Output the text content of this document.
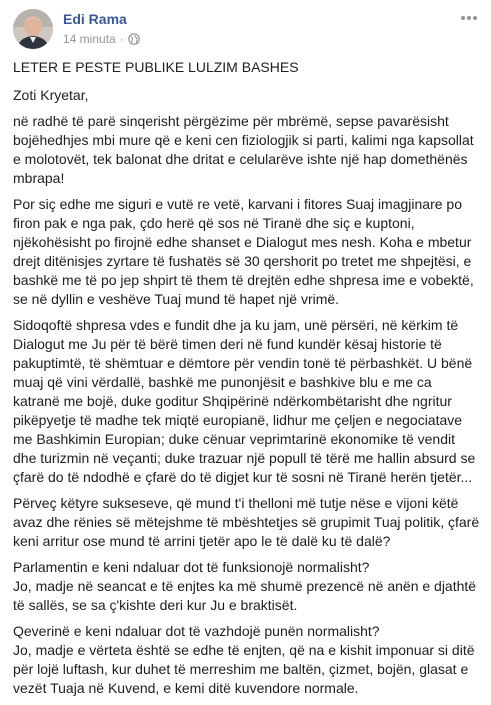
Edi Rama
14 minuta ·

LETER E PESTE PUBLIKE LULZIM BASHES

Zoti Kryetar,

në radhë të parë sinqerisht përgëzime për mbrëmë, sepse pavarësisht bojëhedhjes mbi mure që e keni cen fiziologjik si parti, kalimi nga kapsollat e molotovët, tek balonat dhe dritat e celularëve ishte një hap domethënës mbrapa!

Por siç edhe me siguri e vutë re vetë, karvani i fitores Suaj imagjinare po firon pak e nga pak, çdo herë që sos në Tiranë dhe siç e kuptoni, njëkohësisht po firojnë edhe shanset e Dialogut mes nesh. Koha e mbetur drejt ditënisjes zyrtare të fushatës së 30 qershorit po tretet me shpejtësi, e bashkë me të po jep shpirt të them të drejtën edhe shpresa ime e vobektë, se në dyllin e veshëve Tuaj mund të hapet një vrimë.

Sidoqoftë shpresa vdes e fundit dhe ja ku jam, unë përsëri, në kërkim të Dialogut me Ju për të bërë timen deri në fund kundër kësaj historie të pakuptimtë, të shëmtuar e dëmtore për vendin tonë të përbashkët. U bënë muaj që vini vërdallë, bashkë me punonjësit e bashkive blu e me ca katranë me bojë, duke goditur Shqipërinë ndërkombëtarisht dhe ngritur pikëpyetje të madhe tek miqtë europianë, lidhur me çeljen e negociatave me Bashkimin Europian; duke cënuar veprimtarinë ekonomike të vendit dhe turizmin në veçanti; duke trazuar një popull të tërë me hallin absurd se çfarë do të ndodhë e çfarë do të digjet kur të sosni në Tiranë herën tjetër...

Përveç këtyre sukseseve, që mund t'i thelloni më tutje nëse e vijoni këtë avaz dhe rënies së mëtejshme të mbështetjes së grupimit Tuaj politik, çfarë keni arritur ose mund të arrini tjetër apo le të dalë ku të dalë?

Parlamentin e keni ndaluar dot të funksionojë normalisht?
Jo, madje në seancat e të enjtes ka më shumë prezencë në anën e djathtë të sallës, se sa ç'kishte deri kur Ju e braktisët.

Qeverinë e keni ndaluar dot të vazhdojë punën normalisht?
Jo, madje e vërteta është se edhe të enjten, që na e kishit imponuar si ditë për lojë luftash, kur duhet të merreshim me baltën, çizmet, bojën, glasat e vezët Tuaja në Kuvend, e kemi ditë kuvendore normale.
